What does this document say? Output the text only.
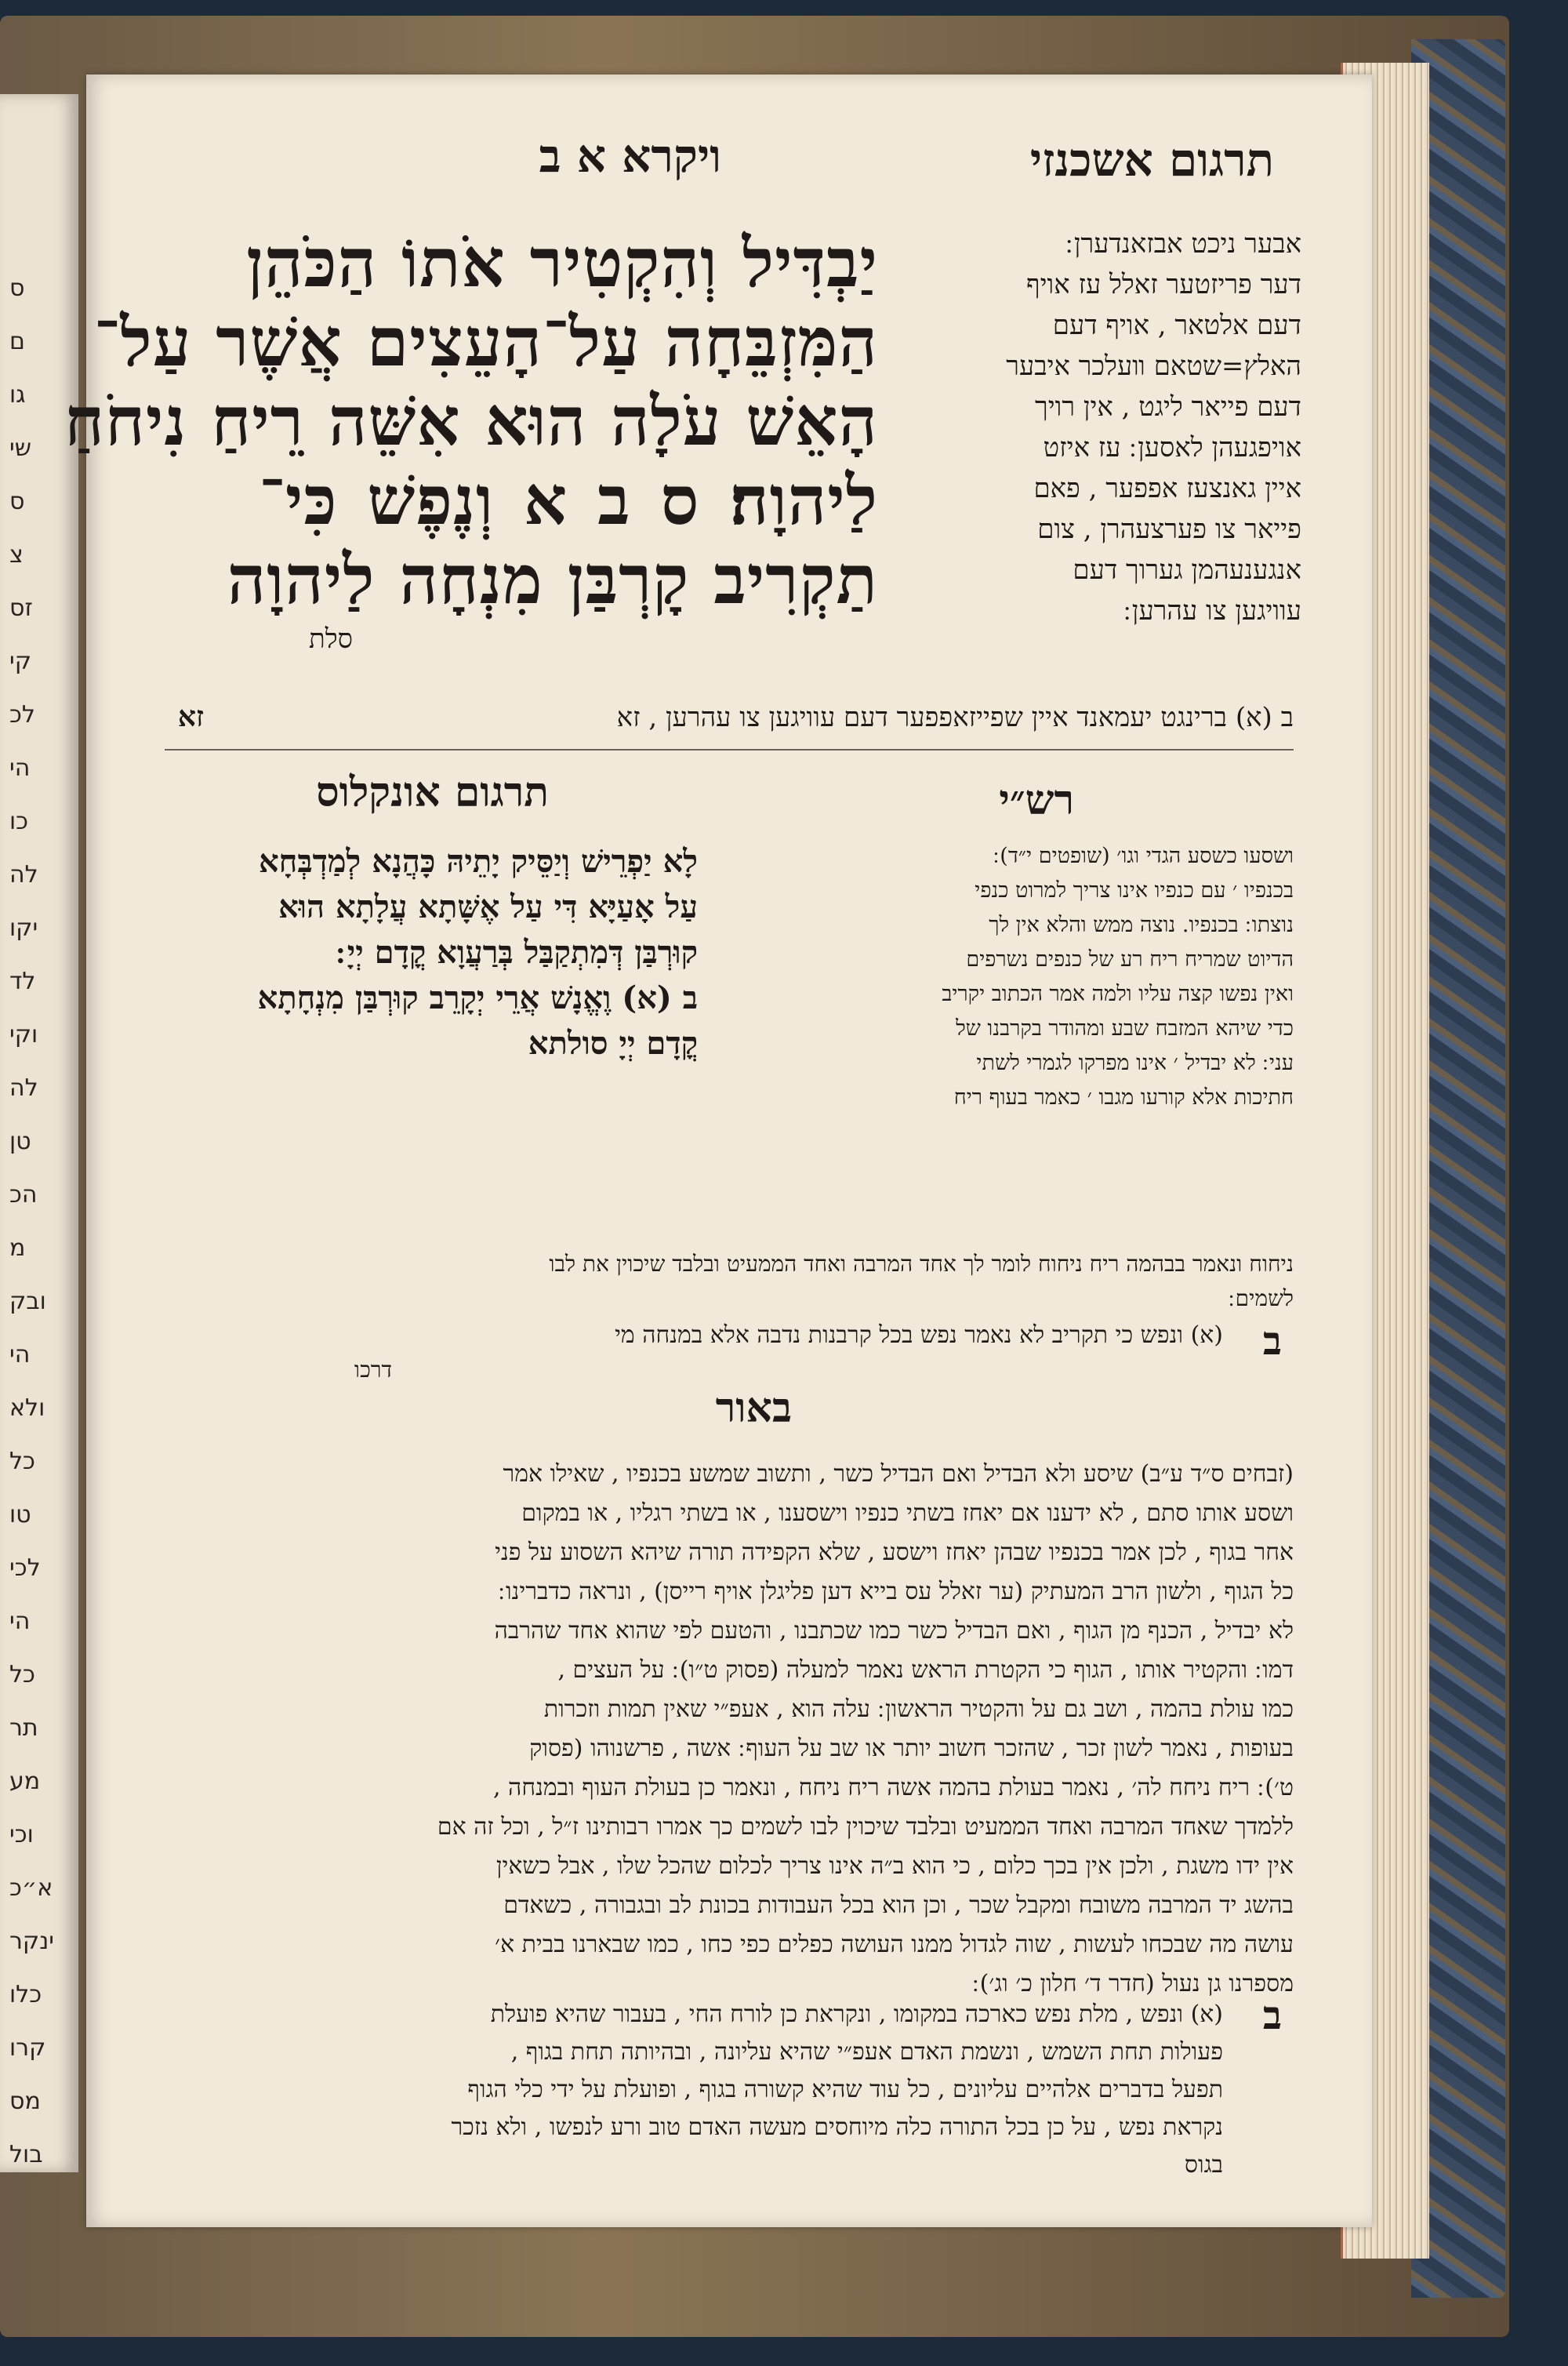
ס
ם
גו
שי
ס
צ
זס
קי
לכ
הי
כו
לה
יקו
לד
וקי
לה
טן
הכ
מ
ובק
הי
ולא
כל
טו
לכי
הי
כל
תר
מע
וכי
א״כ
ינקר
כלו
קרו
מס
בול
תרגום אשכנזי
ויקרא א ב
אבער ניכט אבזאנדערן ׃
דער פריזטער זאלל עז אויף
דעם אלטאר , אויף דעם
האלץ=שטאם װעלכר איבער
דעם פייאר ליגט , אין רויך
אויפגעהן לאסען ׃ עז איזט
איין גאנצעז אפפער , פאם
פייאר צו פערצעהרן , צום
אנגענעהמן גערוך דעם
עוויגען צו עהרען ׃
יַבְדִּיל וְהִקְטִיר אֹתוֹ הַכֹּהֵן
הַמִּזְבֵּחָה עַל־הָעֵצִים אֲשֶׁר עַל־
הָאֵשׁ עֹלָה הוּא אִשֵּׁה רֵיחַ נִיחֹחַ
לַיהוָה׃ ס ב א וְנֶפֶשׁ כִּי־
תַקְרִיב קָרְבַּן מִנְחָה לַיהוָה
סלת
ב (א) ברינגט יעמאנד איין שפייזאפפער דעם עוויגען צו עהרען , זא
זא
רש״י
תרגום אונקלוס
ושסעו כשסע הגדי וגו׳ (שופטים י״ד) ׃
בכנפיו ׳ עם כנפיו אינו צריך למרוט כנפי
נוצתו ׃ בכנפיו. נוצה ממש והלא אין לך
הדיוט שמריח ריח רע של כנפים נשרפים
ואין נפשו קצה עליו ולמה אמר הכתוב יקריב
כדי שיהא המזבח שבע ומהודר בקרבנו של
עני ׃ לא יבדיל ׳ אינו מפרקו לגמרי לשתי
חתיכות אלא קורעו מגבו ׳ כאמר בעוף ריח
לָא יַפְרֵישׁ וְיַסֵּיק יָתֵיהּ כָּהֲנָא לְמַדְבְּחָא
עַל אָעַיָּא דִּי עַל אֶשָּׁתָא עֲלָתָא הוּא
קוּרְבַּן דְּמִתְקַבַּל בְּרַעֲוָא קֳדָם יְיָ ׃
ב (א) וֶאֱנָשׁ אֲרֵי יְקָרֵב קוּרְבַּן מִנְחָתָא
קֳדָם יְיָ סולתא
ניחוח ונאמר בבהמה ריח ניחוח לומר לך אחד המרבה ואחד הממעיט ובלבד שיכוין את לבו
לשמים ׃
ב
(א) ונפש כי תקריב לא נאמר נפש בכל קרבנות נדבה אלא במנחה מי
דרכו
באור
(זבחים ס״ד ע״ב) שיסע ולא הבדיל ואם הבדיל כשר , ותשוב שמשע בכנפיו , שאילו אמר
ושסע אותו סתם , לא ידענו אם יאחז בשתי כנפיו וישסענו , או בשתי רגליו , או במקום
אחר בגוף , לכן אמר בכנפיו שבהן יאחז וישסע , שלא הקפידה תורה שיהא השסוע על פני
כל הגוף , ולשון הרב המעתיק (ער זאלל עס בייא דען פליגלן אויף רייסן) , ונראה כדברינו ׃
לא יבדיל , הכנף מן הגוף , ואם הבדיל כשר כמו שכתבנו , והטעם לפי שהוא אחד שהרבה
דמו ׃ והקטיר אותו , הגוף כי הקטרת הראש נאמר למעלה (פסוק ט״ו) ׃ על העצים ,
כמו עולת בהמה , ושב גם על והקטיר הראשון ׃ עלה הוא , אעפ״י שאין תמות וזכרות
בעופות , נאמר לשון זכר , שהזכר חשוב יותר או שב על העוף ׃ אשה , פרשנוהו (פסוק
ט׳) ׃ ריח ניחח לה׳ , נאמר בעולת בהמה אשה ריח ניחח , ונאמר כן בעולת העוף ובמנחה ,
ללמדך שאחד המרבה ואחד הממעיט ובלבד שיכוין לבו לשמים כך אמרו רבותינו ז״ל , וכל זה אם
אין ידו משגת , ולכן אין בכך כלום , כי הוא ב״ה אינו צריך לכלום שהכל שלו , אבל כשאין
בהשג יד המרבה משובח ומקבל שכר , וכן הוא בכל העבודות בכונת לב ובגבורה , כשאדם
עושה מה שבכחו לעשות , שוה לגדול ממנו העושה כפלים כפי כחו , כמו שבארנו בבית א׳
מספרנו גן נעול (חדר ד׳ חלון כ׳ וג׳) ׃
ב
(א) ונפש , מלת נפש כארכה במקומו , ונקראת כן לורח החי , בעבור שהיא פועלת
פעולות תחת השמש , ונשמת האדם אעפ״י שהיא עליונה , ובהיותה תחת בגוף ,
תפעל בדברים אלהיים עליונים , כל עוד שהיא קשורה בגוף , ופועלת על ידי כלי הגוף
נקראת נפש , על כן בכל התורה כלה מיוחסים מעשה האדם טוב ורע לנפשו , ולא נזכר
בגוס
